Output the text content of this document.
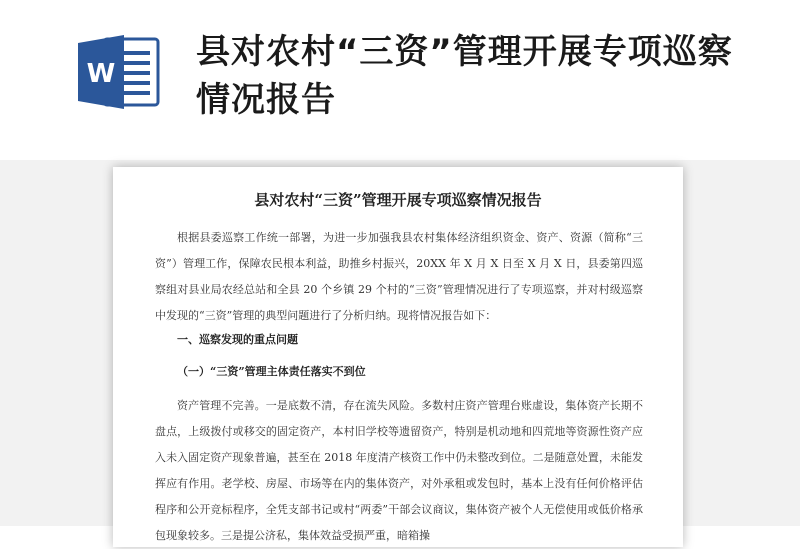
W
县对农村“三资”管理开展专项巡察情况报告
县对农村“三资”管理开展专项巡察情况报告
根据县委巡察工作统一部署，为进一步加强我县农村集体经济组织资金、资产、资源（简称“三资”）管理工作，保障农民根本利益，助推乡村振兴，20XX 年 X 月 X 日至 X 月 X 日，县委第四巡察组对县业局农经总站和全县 20 个乡镇 29 个村的“三资”管理情况进行了专项巡察，并对村级巡察中发现的“三资”管理的典型问题进行了分析归纳。现将情况报告如下：
一、巡察发现的重点问题
（一）“三资”管理主体责任落实不到位
资产管理不完善。一是底数不清，存在流失风险。多数村庄资产管理台账虚设，集体资产长期不盘点，上级拨付或移交的固定资产，本村旧学校等遗留资产，特别是机动地和四荒地等资源性资产应入未入固定资产现象普遍，甚至在 2018 年度清产核资工作中仍未整改到位。二是随意处置，未能发挥应有作用。老学校、房屋、市场等在内的集体资产，对外承租或发包时，基本上没有任何价格评估程序和公开竞标程序，全凭支部书记或村“两委”干部会议商议，集体资产被个人无偿使用或低价格承包现象较多。三是提公济私，集体效益受损严重，暗箱操
